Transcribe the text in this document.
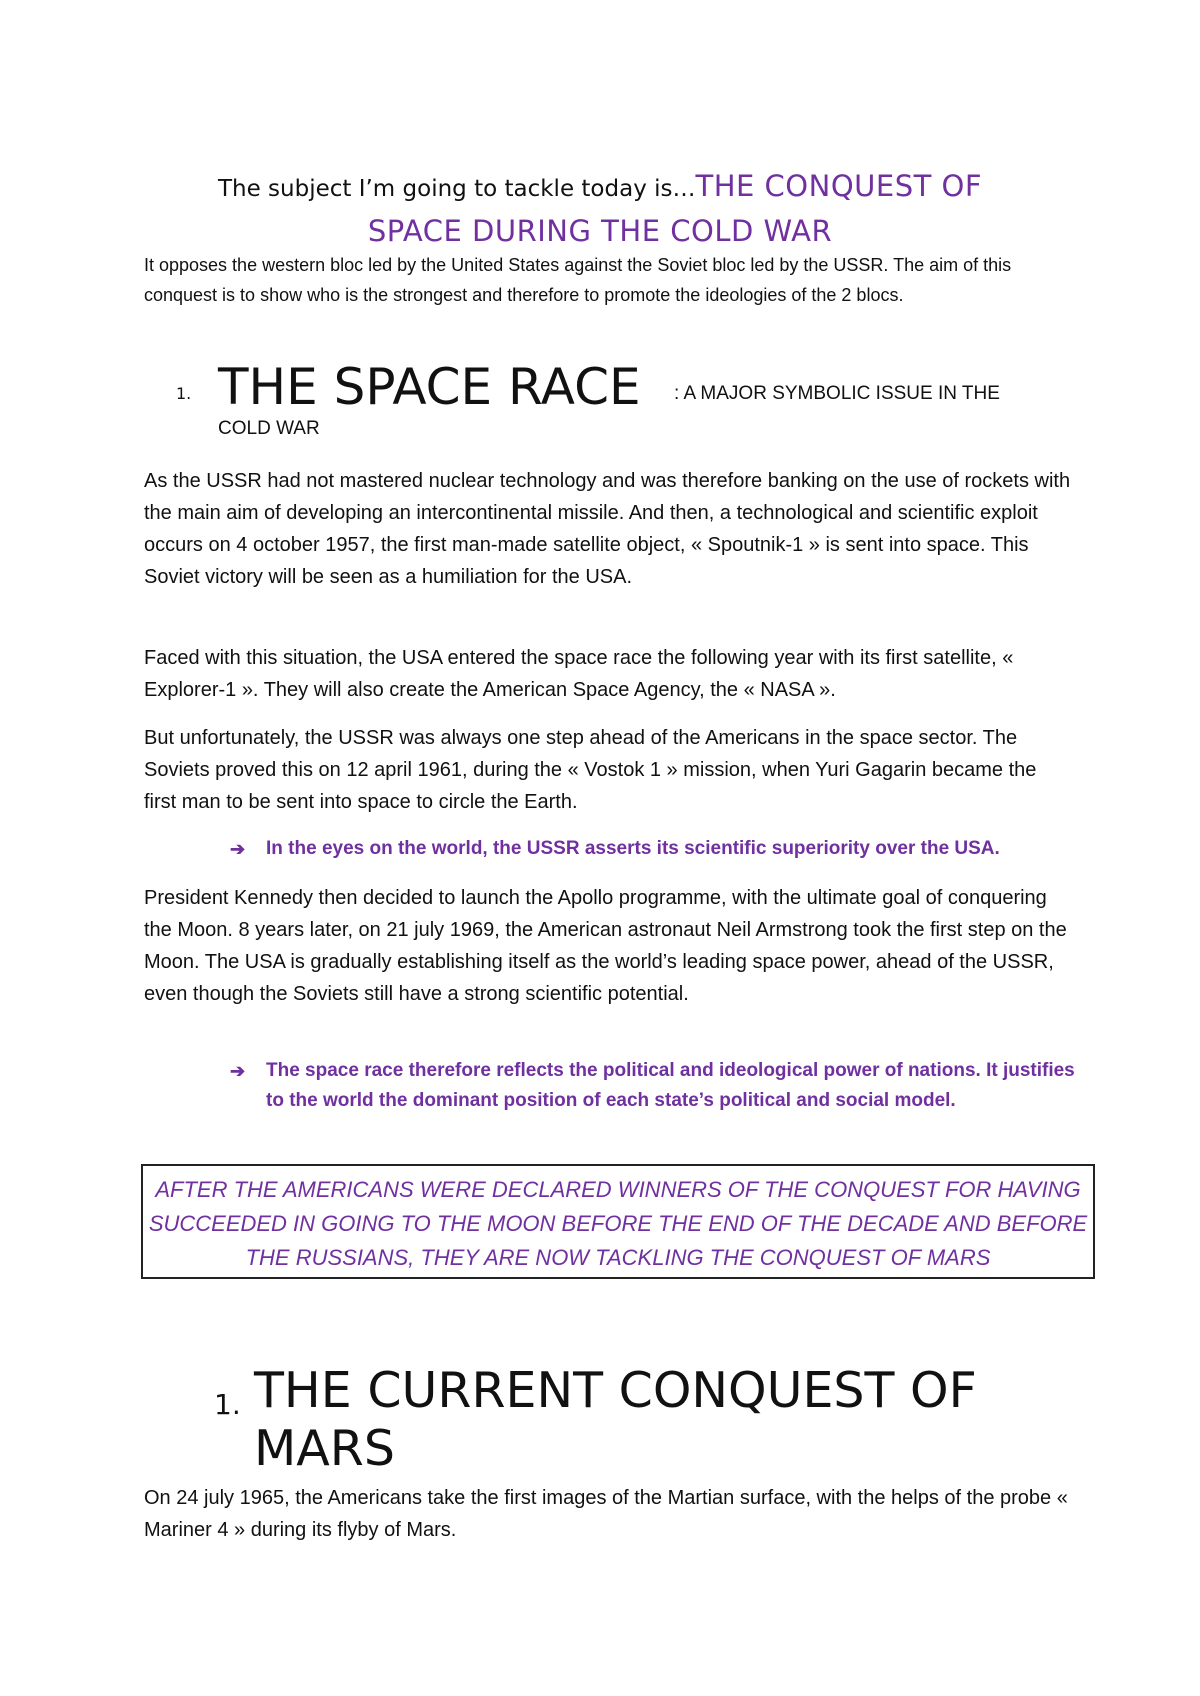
The subject I’m going to tackle today is…THE CONQUEST OF
SPACE DURING THE COLD WAR
It opposes the western bloc led by the United States against the Soviet bloc led by the USSR. The aim of this conquest is to show who is the strongest and therefore to promote the ideologies of the 2 blocs.
1. THE SPACE RACE : A MAJOR SYMBOLIC ISSUE IN THE
COLD WAR
As the USSR had not mastered nuclear technology and was therefore banking on the use of rockets with the main aim of developing an intercontinental missile. And then, a technological and scientific exploit occurs on 4 october 1957, the first man-made satellite object, « Spoutnik-1 » is sent into space. This Soviet victory will be seen as a humiliation for the USA.
Faced with this situation, the USA entered the space race the following year with its first satellite, « Explorer-1 ». They will also create the American Space Agency, the « NASA ».
But unfortunately, the USSR was always one step ahead of the Americans in the space sector. The Soviets proved this on 12 april 1961, during the « Vostok 1 » mission, when Yuri Gagarin became the first man to be sent into space to circle the Earth.
➔ In the eyes on the world, the USSR asserts its scientific superiority over the USA.
President Kennedy then decided to launch the Apollo programme, with the ultimate goal of conquering the Moon. 8 years later, on 21 july 1969, the American astronaut Neil Armstrong took the first step on the Moon. The USA is gradually establishing itself as the world’s leading space power, ahead of the USSR, even though the Soviets still have a strong scientific potential.
➔ The space race therefore reflects the political and ideological power of nations. It justifies to the world the dominant position of each state’s political and social model.
AFTER THE AMERICANS WERE DECLARED WINNERS OF THE CONQUEST FOR HAVING SUCCEEDED IN GOING TO THE MOON BEFORE THE END OF THE DECADE AND BEFORE THE RUSSIANS, THEY ARE NOW TACKLING THE CONQUEST OF MARS
1. THE CURRENT CONQUEST OF MARS
On 24 july 1965, the Americans take the first images of the Martian surface, with the helps of the probe « Mariner 4 » during its flyby of Mars.
